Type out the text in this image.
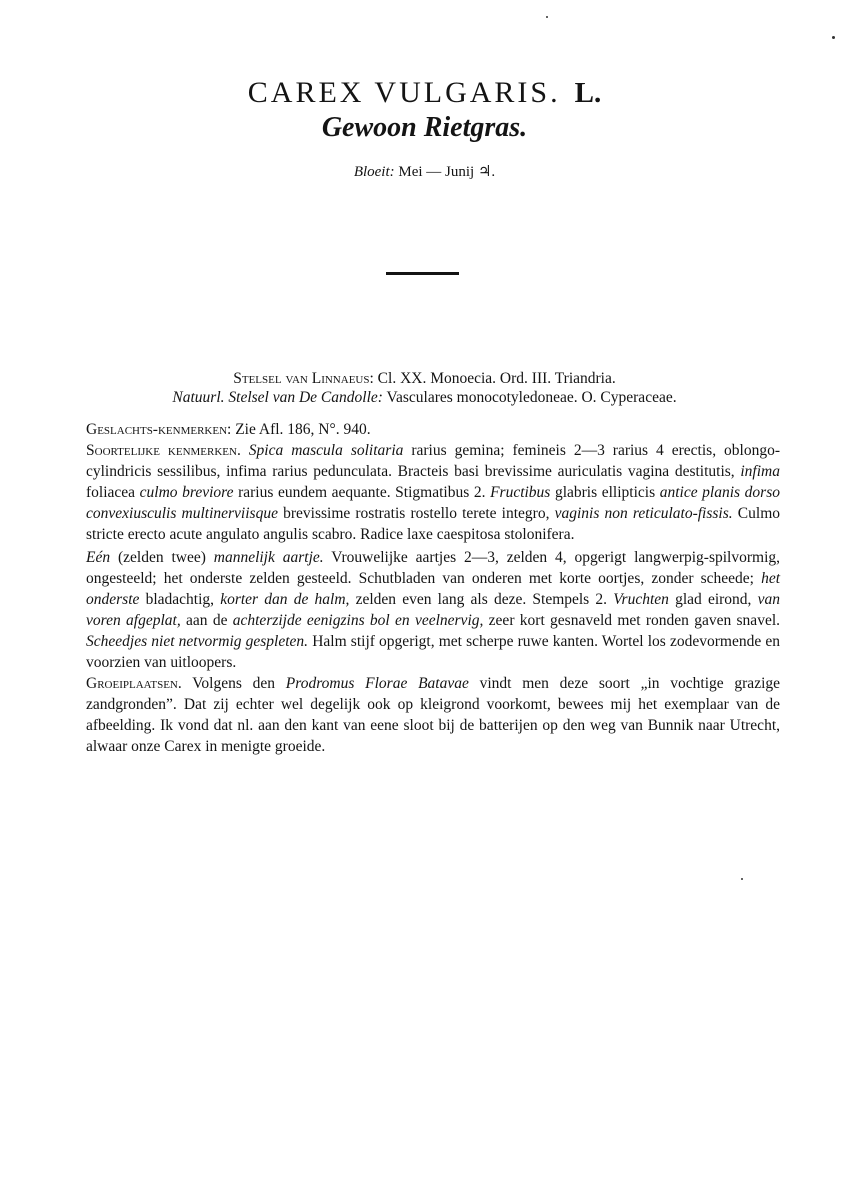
CAREX VULGARIS. L.
Gewoon Rietgras.
Bloeit: Mei — Junij ♃.
Stelsel van Linnaeus: Cl. XX. Monoecia. Ord. III. Triandria.
Natuurl. Stelsel van De Candolle: Vasculares monocotyledoneae. O. Cyperaceae.

Geslachts-kenmerken: Zie Afl. 186, N°. 940.

Soortelijke kenmerken. Spica mascula solitaria rarius gemina; femineis 2—3 rarius 4 erectis, oblongo-cylindricis sessilibus, infima rarius pedunculata. Bracteis basi brevissime auriculatis vagina destitutis, infima foliacea culmo breviore rarius eundem aequante. Stigmatibus 2. Fructibus glabris ellipticis antice planis dorso convexiusculis multinerviisque brevissime rostratis rostello terete integro, vaginis non reticulato-fissis. Culmo stricte erecto acute angulato angulis scabro. Radice laxe caespitosa stolonifera.

Eén (zelden twee) mannelijk aartje. Vrouwelijke aartjes 2—3, zelden 4, opgerigt langwerpig-spilvormig, ongesteeld; het onderste zelden gesteeld. Schutbladen van onderen met korte oortjes, zonder scheede; het onderste bladachtig, korter dan de halm, zelden even lang als deze. Stempels 2. Vruchten glad eirond, van voren afgeplat, aan de achterzijde eenigzins bol en veelnervig, zeer kort gesnaveld met ronden gaven snavel. Scheedjes niet netvormig gespleten. Halm stijf opgerigt, met scherpe ruwe kanten. Wortel los zodevormende en voorzien van uitloopers.

Groeiplaatsen. Volgens den Prodromus Florae Batavae vindt men deze soort „in vochtige grazige zandgronden”. Dat zij echter wel degelijk ook op kleigrond voorkomt, bewees mij het exemplaar van de afbeelding. Ik vond dat nl. aan den kant van eene sloot bij de batterijen op den weg van Bunnik naar Utrecht, alwaar onze Carex in menigte groeide.
